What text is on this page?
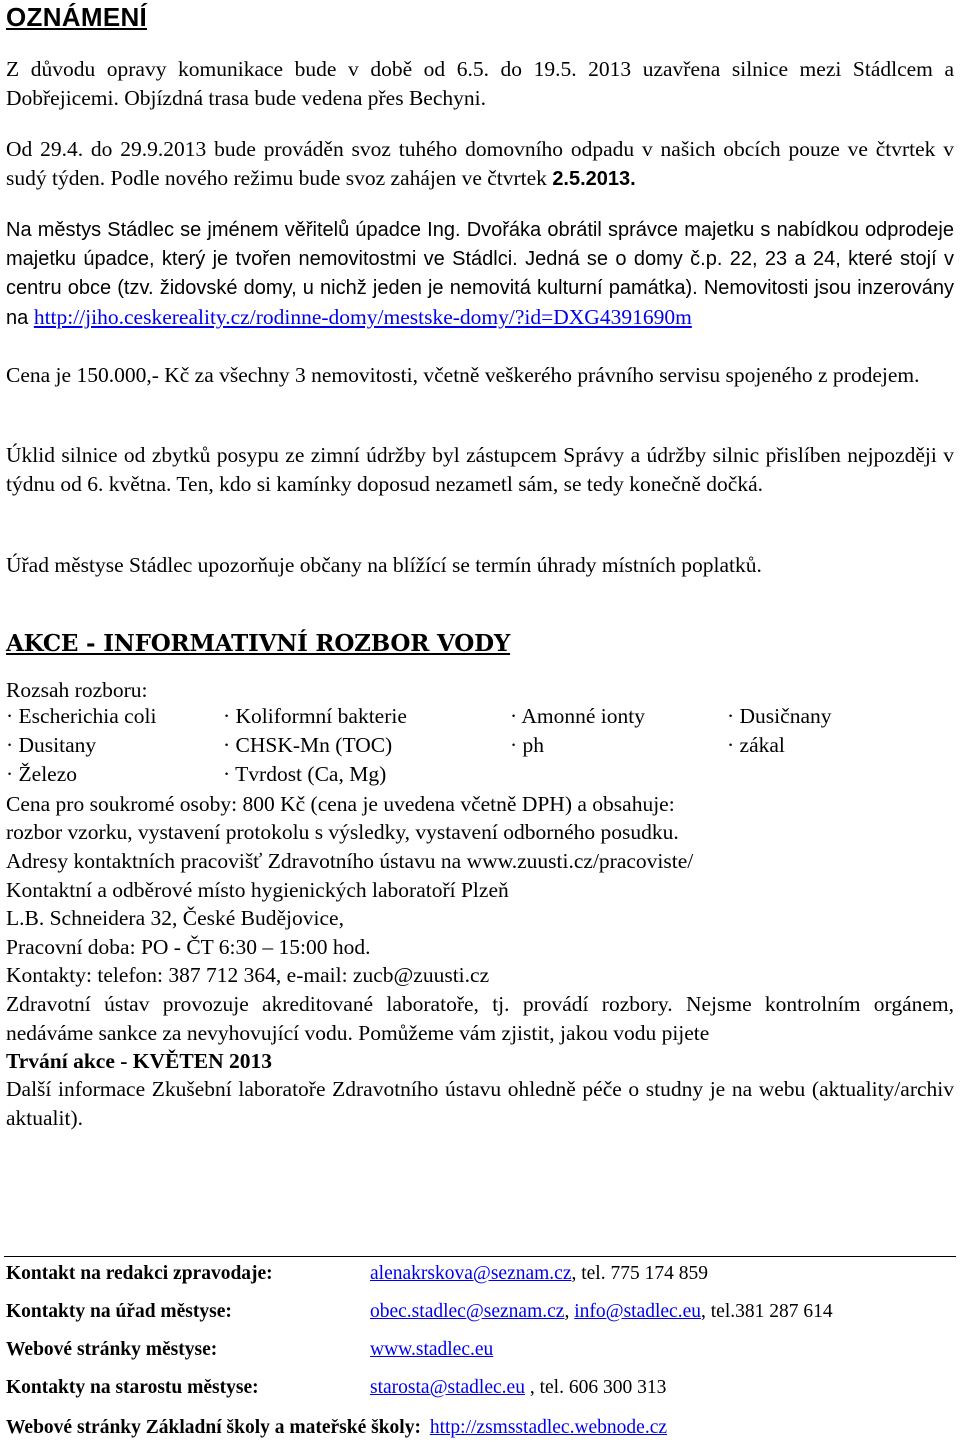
OZNÁMENÍ

Z důvodu opravy komunikace bude v době od 6.5. do 19.5. 2013 uzavřena silnice mezi Stádlcem a Dobřejicemi. Objízdná trasa bude vedena přes Bechyni.

Od 29.4. do 29.9.2013 bude prováděn svoz tuhého domovního odpadu v našich obcích pouze ve čtvrtek v sudý týden. Podle nového režimu bude svoz zahájen ve čtvrtek 2.5.2013.

Na městys Stádlec se jménem věřitelů úpadce Ing. Dvořáka obrátil správce majetku s nabídkou odprodeje majetku úpadce, který je tvořen nemovitostmi ve Stádlci. Jedná se o domy č.p. 22, 23 a 24, které stojí v centru obce (tzv. židovské domy, u nichž jeden je nemovitá kulturní památka). Nemovitosti jsou inzerovány na http://jiho.ceskereality.cz/rodinne-domy/mestske-domy/?id=DXG4391690m

Cena je 150.000,- Kč za všechny 3 nemovitosti, včetně veškerého právního servisu spojeného z prodejem.

Úklid silnice od zbytků posypu ze zimní údržby byl zástupcem Správy a údržby silnic přislíben nejpozději v týdnu od 6. května. Ten, kdo si kamínky doposud nezametl sám, se tedy konečně dočká.

Úřad městyse Stádlec upozorňuje občany na blížící se termín úhrady místních poplatků.

AKCE - INFORMATIVNÍ ROZBOR VODY
Rozsah rozboru:
· Escherichia coli	· Koliformní bakterie	· Amonné ionty	· Dusičnany
· Dusitany	· CHSK-Mn (TOC)	· ph	· zákal
· Železo	· Tvrdost (Ca, Mg)
Cena pro soukromé osoby: 800 Kč (cena je uvedena včetně DPH) a obsahuje:
rozbor vzorku, vystavení protokolu s výsledky, vystavení odborného posudku.
Adresy kontaktních pracovišť Zdravotního ústavu na www.zuusti.cz/pracoviste/
Kontaktní a odběrové místo hygienických laboratoří Plzeň
L.B. Schneidera 32, České Budějovice,
Pracovní doba: PO - ČT 6:30 – 15:00 hod.
Kontakty: telefon: 387 712 364, e-mail: zucb@zuusti.cz

Zdravotní ústav provozuje akreditované laboratoře, tj. provádí rozbory. Nejsme kontrolním orgánem, nedáváme sankce za nevyhovující vodu. Pomůžeme vám zjistit, jakou vodu pijete

Trvání akce - KVĚTEN 2013

Další informace Zkušební laboratoře Zdravotního ústavu ohledně péče o studny je na webu (aktuality/archiv aktualit).

Kontakt na redakci zpravodaje:	alenakrskova@seznam.cz, tel. 775 174 859
Kontakty na úřad městyse:	obec.stadlec@seznam.cz, info@stadlec.eu, tel.381 287 614
Webové stránky městyse:	www.stadlec.eu
Kontakty na starostu městyse:	starosta@stadlec.eu , tel. 606 300 313
Webové stránky Základní školy a mateřské školy: http://zsmsstadlec.webnode.cz
